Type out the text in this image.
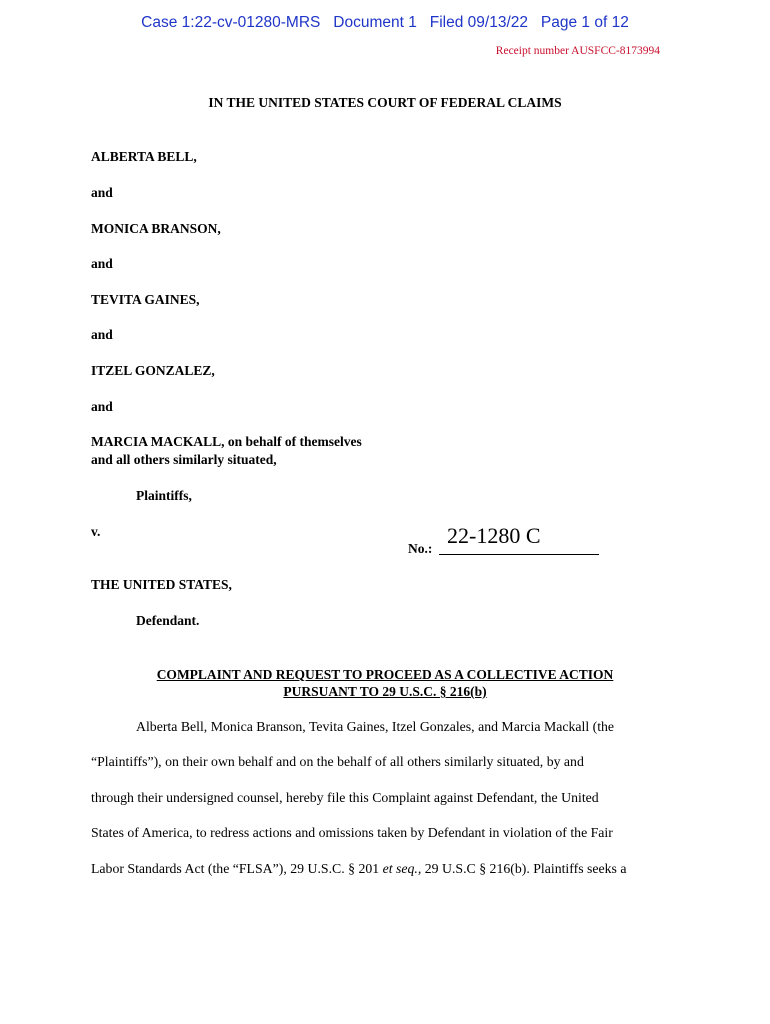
Case 1:22-cv-01280-MRS   Document 1   Filed 09/13/22   Page 1 of 12
Receipt number AUSFCC-8173994
IN THE UNITED STATES COURT OF FEDERAL CLAIMS
ALBERTA BELL,
and
MONICA BRANSON,
and
TEVITA GAINES,
and
ITZEL GONZALEZ,
and
MARCIA MACKALL, on behalf of themselves
and all others similarly situated,
Plaintiffs,
v.
No.:
22-1280 C
THE UNITED STATES,
Defendant.
COMPLAINT AND REQUEST TO PROCEED AS A COLLECTIVE ACTION
PURSUANT TO 29 U.S.C. § 216(b)
Alberta Bell, Monica Branson, Tevita Gaines, Itzel Gonzales, and Marcia Mackall (the
“Plaintiffs”), on their own behalf and on the behalf of all others similarly situated, by and
through their undersigned counsel, hereby file this Complaint against Defendant, the United
States of America, to redress actions and omissions taken by Defendant in violation of the Fair
Labor Standards Act (the “FLSA”), 29 U.S.C. § 201 et seq., 29 U.S.C § 216(b). Plaintiffs seeks a
